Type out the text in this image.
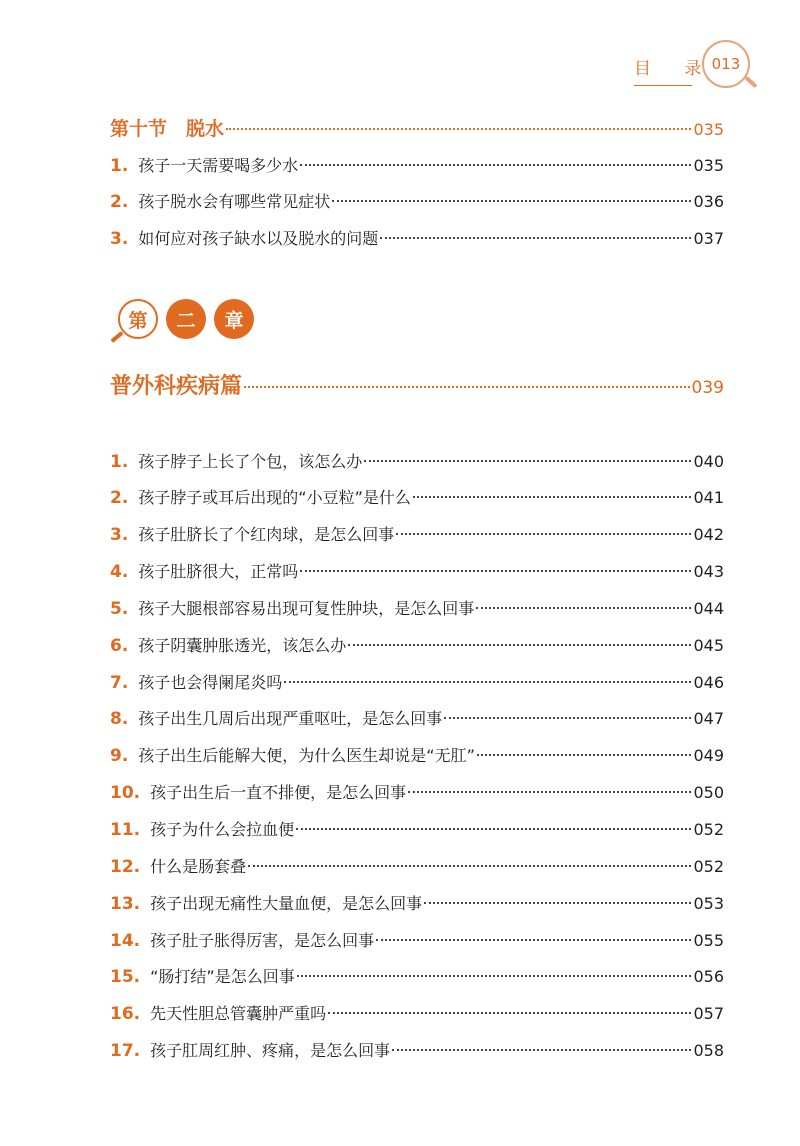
目 录
013
第十节　脱水	035
1. 孩子一天需要喝多少水	035
2. 孩子脱水会有哪些常见症状	036
3. 如何应对孩子缺水以及脱水的问题	037
第	二	章
普外科疾病篇	039
1. 孩子脖子上长了个包，该怎么办	040
2. 孩子脖子或耳后出现的“小豆粒”是什么	041
3. 孩子肚脐长了个红肉球，是怎么回事	042
4. 孩子肚脐很大，正常吗	043
5. 孩子大腿根部容易出现可复性肿块，是怎么回事	044
6. 孩子阴囊肿胀透光，该怎么办	045
7. 孩子也会得阑尾炎吗	046
8. 孩子出生几周后出现严重呕吐，是怎么回事	047
9. 孩子出生后能解大便，为什么医生却说是“无肛”	049
10. 孩子出生后一直不排便，是怎么回事	050
11. 孩子为什么会拉血便	052
12. 什么是肠套叠	052
13. 孩子出现无痛性大量血便，是怎么回事	053
14. 孩子肚子胀得厉害，是怎么回事	055
15. “肠打结”是怎么回事	056
16. 先天性胆总管囊肿严重吗	057
17. 孩子肛周红肿、疼痛，是怎么回事	058
